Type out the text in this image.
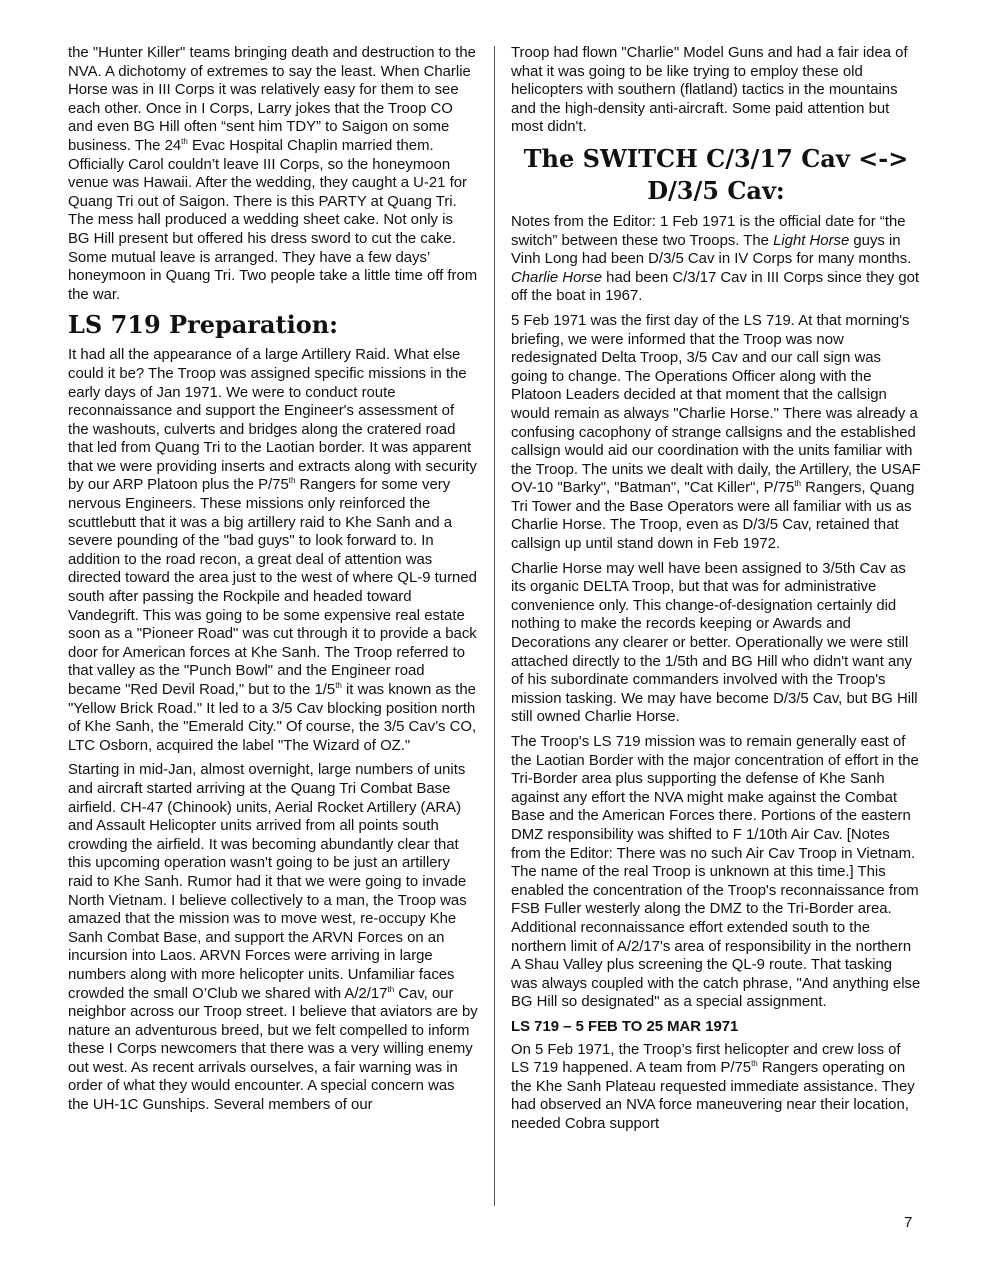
the "Hunter Killer" teams bringing death and destruction to the NVA. A dichotomy of extremes to say the least. When Charlie Horse was in III Corps it was relatively easy for them to see each other. Once in I Corps, Larry jokes that the Troop CO and even BG Hill often “sent him TDY” to Saigon on some business. The 24th Evac Hospital Chaplin married them. Officially Carol couldn’t leave III Corps, so the honeymoon venue was Hawaii. After the wedding, they caught a U-21 for Quang Tri out of Saigon. There is this PARTY at Quang Tri. The mess hall produced a wedding sheet cake. Not only is BG Hill present but offered his dress sword to cut the cake. Some mutual leave is arranged. They have a few days’ honeymoon in Quang Tri. Two people take a little time off from the war.

LS 719 Preparation:

It had all the appearance of a large Artillery Raid. What else could it be? The Troop was assigned specific missions in the early days of Jan 1971. We were to conduct route reconnaissance and support the Engineer's assessment of the washouts, culverts and bridges along the cratered road that led from Quang Tri to the Laotian border. It was apparent that we were providing inserts and extracts along with security by our ARP Platoon plus the P/75th Rangers for some very nervous Engineers. These missions only reinforced the scuttlebutt that it was a big artillery raid to Khe Sanh and a severe pounding of the "bad guys" to look forward to. In addition to the road recon, a great deal of attention was directed toward the area just to the west of where QL-9 turned south after passing the Rockpile and headed toward Vandegrift. This was going to be some expensive real estate soon as a "Pioneer Road" was cut through it to provide a back door for American forces at Khe Sanh. The Troop referred to that valley as the "Punch Bowl" and the Engineer road became "Red Devil Road," but to the 1/5th it was known as the "Yellow Brick Road." It led to a 3/5 Cav blocking position north of Khe Sanh, the "Emerald City." Of course, the 3/5 Cav’s CO, LTC Osborn, acquired the label "The Wizard of OZ."

Starting in mid-Jan, almost overnight, large numbers of units and aircraft started arriving at the Quang Tri Combat Base airfield. CH-47 (Chinook) units, Aerial Rocket Artillery (ARA) and Assault Helicopter units arrived from all points south crowding the airfield. It was becoming abundantly clear that this upcoming operation wasn't going to be just an artillery raid to Khe Sanh. Rumor had it that we were going to invade North Vietnam. I believe collectively to a man, the Troop was amazed that the mission was to move west, re-occupy Khe Sanh Combat Base, and support the ARVN Forces on an incursion into Laos. ARVN Forces were arriving in large numbers along with more helicopter units. Unfamiliar faces crowded the small O’Club we shared with A/2/17th Cav, our neighbor across our Troop street. I believe that aviators are by nature an adventurous breed, but we felt compelled to inform these I Corps newcomers that there was a very willing enemy out west. As recent arrivals ourselves, a fair warning was in order of what they would encounter. A special concern was the UH-1C Gunships. Several members of our

Troop had flown "Charlie" Model Guns and had a fair idea of what it was going to be like trying to employ these old helicopters with southern (flatland) tactics in the mountains and the high-density anti-aircraft. Some paid attention but most didn't.

The SWITCH C/3/17 Cav <->
D/3/5 Cav:

Notes from the Editor: 1 Feb 1971 is the official date for “the switch” between these two Troops. The Light Horse guys in Vinh Long had been D/3/5 Cav in IV Corps for many months. Charlie Horse had been C/3/17 Cav in III Corps since they got off the boat in 1967.

5 Feb 1971 was the first day of the LS 719. At that morning's briefing, we were informed that the Troop was now redesignated Delta Troop, 3/5 Cav and our call sign was going to change. The Operations Officer along with the Platoon Leaders decided at that moment that the callsign would remain as always "Charlie Horse." There was already a confusing cacophony of strange callsigns and the established callsign would aid our coordination with the units familiar with the Troop. The units we dealt with daily, the Artillery, the USAF OV-10 "Barky", "Batman", "Cat Killer", P/75th Rangers, Quang Tri Tower and the Base Operators were all familiar with us as Charlie Horse. The Troop, even as D/3/5 Cav, retained that callsign up until stand down in Feb 1972.

Charlie Horse may well have been assigned to 3/5th Cav as its organic DELTA Troop, but that was for administrative convenience only. This change-of-designation certainly did nothing to make the records keeping or Awards and Decorations any clearer or better. Operationally we were still attached directly to the 1/5th and BG Hill who didn't want any of his subordinate commanders involved with the Troop's mission tasking. We may have become D/3/5 Cav, but BG Hill still owned Charlie Horse.

The Troop's LS 719 mission was to remain generally east of the Laotian Border with the major concentration of effort in the Tri-Border area plus supporting the defense of Khe Sanh against any effort the NVA might make against the Combat Base and the American Forces there. Portions of the eastern DMZ responsibility was shifted to F 1/10th Air Cav. [Notes from the Editor: There was no such Air Cav Troop in Vietnam. The name of the real Troop is unknown at this time.] This enabled the concentration of the Troop's reconnaissance from FSB Fuller westerly along the DMZ to the Tri-Border area. Additional reconnaissance effort extended south to the northern limit of A/2/17's area of responsibility in the northern A Shau Valley plus screening the QL-9 route. That tasking was always coupled with the catch phrase, "And anything else BG Hill so designated" as a special assignment.

LS 719 – 5 FEB TO 25 MAR 1971

On 5 Feb 1971, the Troop’s first helicopter and crew loss of LS 719 happened. A team from P/75th Rangers operating on the Khe Sanh Plateau requested immediate assistance. They had observed an NVA force maneuvering near their location, needed Cobra support

7
